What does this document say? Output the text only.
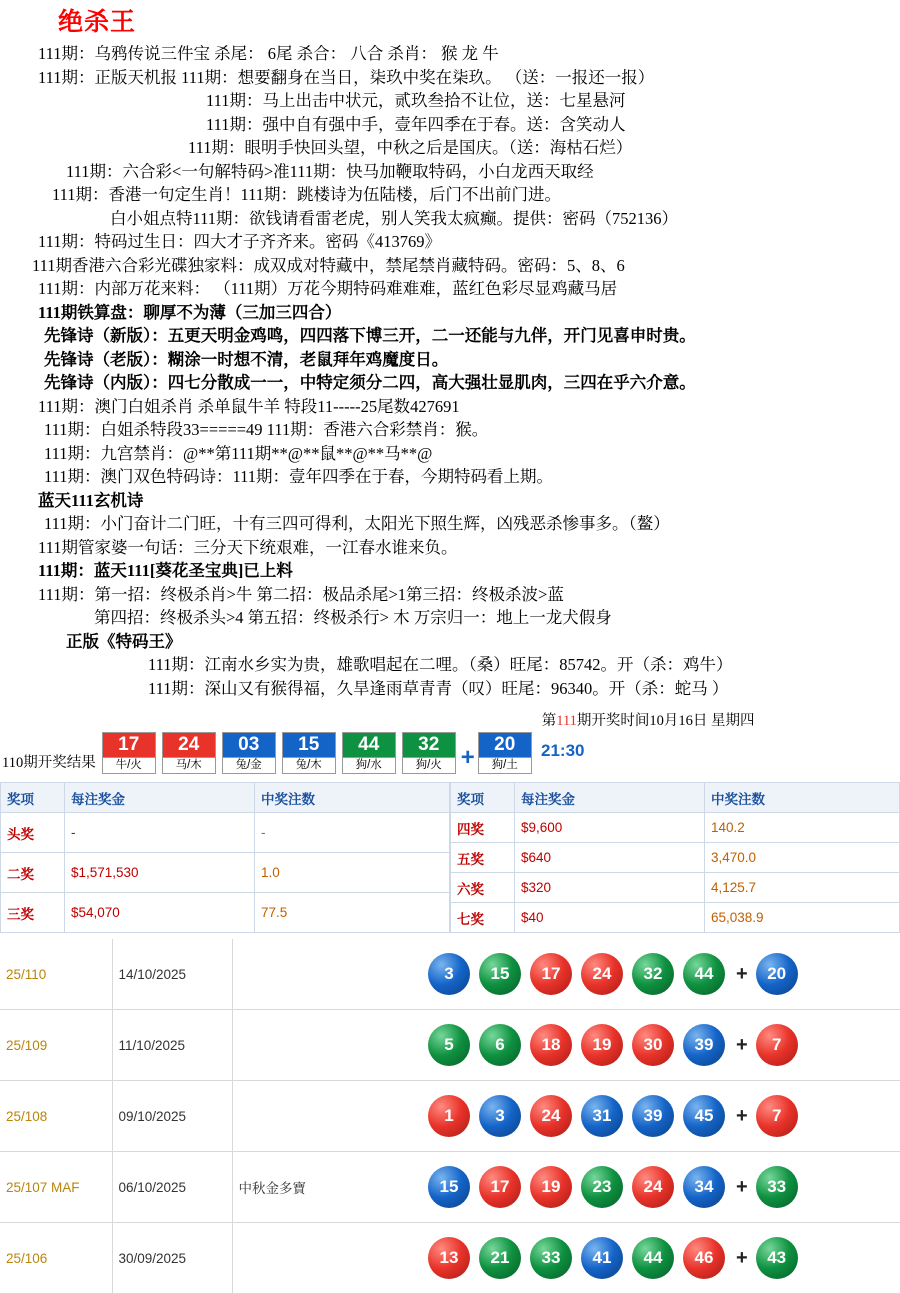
绝杀王
111期：乌鸦传说三件宝 杀尾： 6尾 杀合： 八合 杀肖： 猴 龙 牛
111期：正版天机报 111期：想要翻身在当日，柒玖中奖在柒玖。 （送：一报还一报）
111期：马上出击中状元，贰玖叁拾不让位，送：七星悬河
111期：强中自有强中手，壹年四季在于春。送：含笑动人
111期：眼明手快回头望，中秋之后是国庆。（送：海枯石烂）
111期：六合彩<一句解特码>准111期：快马加鞭取特码，小白龙西天取经
111期：香港一句定生肖！111期：跳楼诗为伍陆楼，后门不出前门进。
白小姐点特111期：欲钱请看雷老虎，别人笑我太疯癫。提供：密码（752136）
111期：特码过生日：四大才子齐齐来。密码《413769》
111期香港六合彩光碟独家料：成双成对特藏中，禁尾禁肖藏特码。密码：5、8、6
111期：内部万花来料： （111期）万花今期特码难难难，蓝红色彩尽显鸡藏马居
111期铁算盘：聊厚不为薄（三加三四合）
先锋诗（新版）：五更天明金鸡鸣，四四落下博三开，二一还能与九伴，开门见喜申时贵。
先锋诗（老版）：糊涂一时想不清，老鼠拜年鸡魔度日。
先锋诗（内版）：四七分散成一一，中特定须分二四，高大强壮显肌肉，三四在乎六介意。
111期：澳门白姐杀肖 杀单鼠牛羊 特段11-----25尾数427691
111期：白姐杀特段33=====49 111期：香港六合彩禁肖：猴。
111期：九宫禁肖：@**第111期**@**鼠**@**马**@
111期：澳门双色特码诗：111期：壹年四季在于春，今期特码看上期。
蓝天111玄机诗
111期：小门奋计二门旺，十有三四可得利，太阳光下照生辉，凶残恶杀惨事多。（鳌）
111期管家婆一句话：三分天下统艰难，一江春水谁来负。
111期：蓝天111[葵花圣宝典]已上料
111期：第一招：终极杀肖>牛 第二招：极品杀尾>1第三招：终极杀波>蓝
第四招：终极杀头>4 第五招：终极杀行> 木 万宗归一：地上一龙犬假身
正版《特码王》
111期：江南水乡实为贵，雄歌唱起在二哩。（桑）旺尾：85742。开（杀：鸡牛）
111期：深山又有猴得福，久旱逢雨草青青（叹）旺尾：96340。开（杀：蛇马 ）
110期开奖结果
17
牛/火
24
马/木
03
兔/金
15
兔/木
44
狗/水
32
狗/火 +	20
狗/土
第111期开奖时间10月16日 星期四
21:30
奖项	每注奖金	中奖注数
头奖	-	-
二奖	$1,571,530	1.0
三奖	$54,070	77.5
奖项	每注奖金	中奖注数
四奖	$9,600	140.2
五奖	$640	3,470.0
六奖	$320	4,125.7
七奖	$40	65,038.9
25/110	14/10/2025		3	15	17	24	32	44	+	20

25/109	11/10/2025		5	6	18	19	30	39	+	7

25/108	09/10/2025		1	3	24	31	39	45	+	7

25/107 MAF	06/10/2025	中秋金多寶	15	17	19	23	24	34	+	33

25/106	30/09/2025		13	21	33	41	44	46	+	43
